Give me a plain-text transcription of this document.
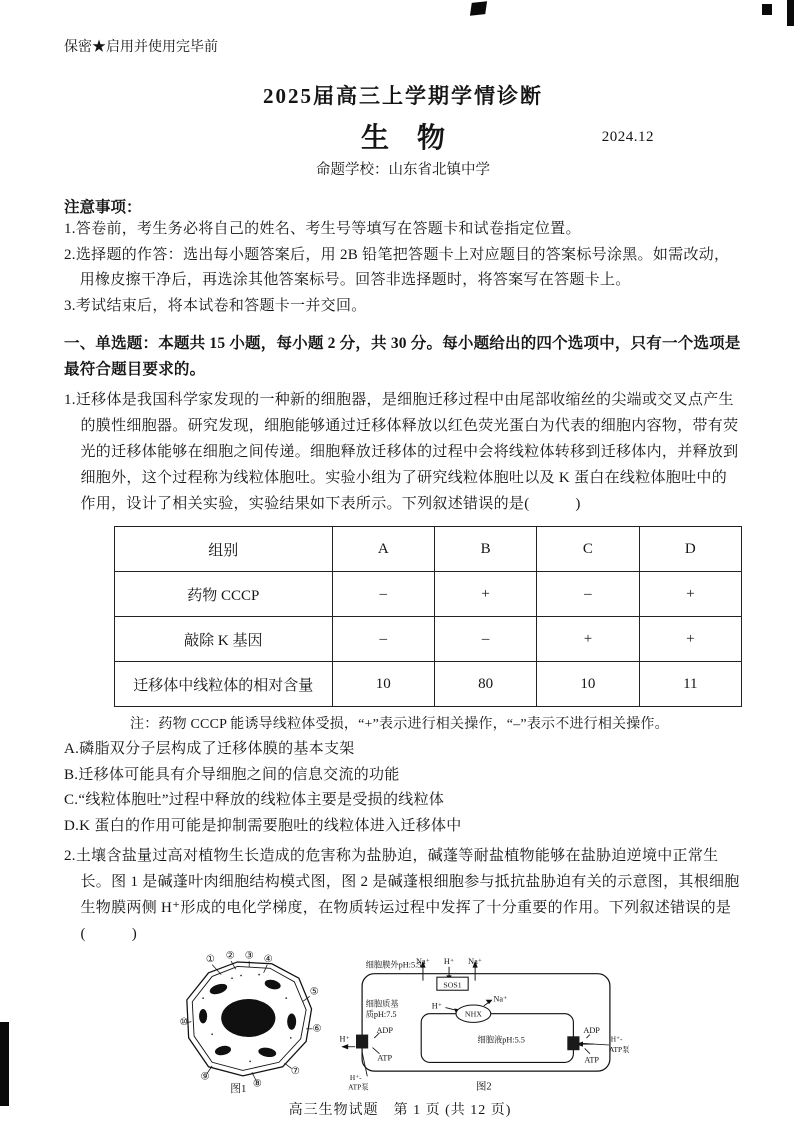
保密★启用并使用完毕前

2025届高三上学期学情诊断
生　物	2024.12

命题学校：山东省北镇中学

注意事项：

1.答卷前，考生务必将自己的姓名、考生号等填写在答题卡和试卷指定位置。

2.选择题的作答：选出每小题答案后，用 2B 铅笔把答题卡上对应题目的答案标号涂黑。如需改动，用橡皮擦干净后，再选涂其他答案标号。回答非选择题时，将答案写在答题卡上。

3.考试结束后，将本试卷和答题卡一并交回。

一、单选题：本题共 15 小题，每小题 2 分，共 30 分。每小题给出的四个选项中，只有一个选项是最符合题目要求的。

1.迁移体是我国科学家发现的一种新的细胞器，是细胞迁移过程中由尾部收缩丝的尖端或交叉点产生的膜性细胞器。研究发现，细胞能够通过迁移体释放以红色荧光蛋白为代表的细胞内容物，带有荧光的迁移体能够在细胞之间传递。细胞释放迁移体的过程中会将线粒体转移到迁移体内，并释放到细胞外，这个过程称为线粒体胞吐。实验小组为了研究线粒体胞吐以及 K 蛋白在线粒体胞吐中的作用，设计了相关实验，实验结果如下表所示。下列叙述错误的是(　　　)

组别	A	B	C	D
药物 CCCP	–	+	–	+
敲除 K 基因	–	–	+	+
迁移体中线粒体的相对含量	10	80	10	11

注：药物 CCCP 能诱导线粒体受损，“+”表示进行相关操作，“–”表示不进行相关操作。

A.磷脂双分子层构成了迁移体膜的基本支架

B.迁移体可能具有介导细胞之间的信息交流的功能

C.“线粒体胞吐”过程中释放的线粒体主要是受损的线粒体

D.K 蛋白的作用可能是抑制需要胞吐的线粒体进入迁移体中

2.土壤含盐量过高对植物生长造成的危害称为盐胁迫，碱蓬等耐盐植物能够在盐胁迫逆境中正常生长。图 1 是碱蓬叶肉细胞结构模式图，图 2 是碱蓬根细胞参与抵抗盐胁迫有关的示意图，其根细胞生物膜两侧 H⁺形成的电化学梯度，在物质转运过程中发挥了十分重要的作用。下列叙述错误的是(　　　)

① ② ③ ④
⑤
⑥
⑦
⑧
⑨
⑩
图1
SOS1
NHX
细胞膜外pH:5.5
Na⁺ H⁺ Na⁺
细胞质基
质pH:7.5
H⁺
Na⁺
细胞液pH:5.5
ADP
ATP
H⁺
ADP
ATP
H⁺-
ATP泵
H⁺-
ATP泵
图2

高三生物试题　第 1 页 (共 12 页)
